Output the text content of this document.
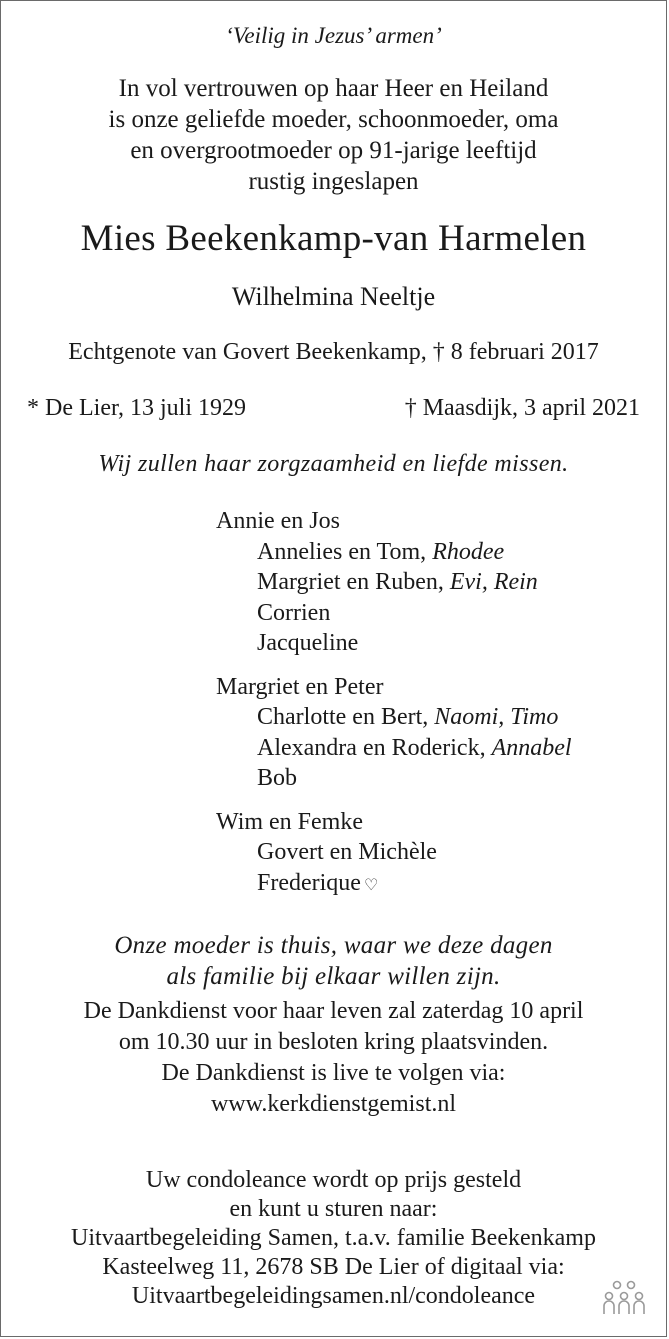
‘Veilig in Jezus’ armen’
In vol vertrouwen op haar Heer en Heiland
is onze geliefde moeder, schoonmoeder, oma
en overgrootmoeder op 91-jarige leeftijd
rustig ingeslapen
Mies Beekenkamp-van Harmelen
Wilhelmina Neeltje
Echtgenote van Govert Beekenkamp, † 8 februari 2017
* De Lier, 13 juli 1929	† Maasdijk, 3 april 2021
Wij zullen haar zorgzaamheid en liefde missen.
Annie en Jos
Annelies en Tom, Rhodee
Margriet en Ruben, Evi, Rein
Corrien
Jacqueline
Margriet en Peter
Charlotte en Bert, Naomi, Timo
Alexandra en Roderick, Annabel
Bob
Wim en Femke
Govert en Michèle
Frederique ♡
Onze moeder is thuis, waar we deze dagen
als familie bij elkaar willen zijn.
De Dankdienst voor haar leven zal zaterdag 10 april
om 10.30 uur in besloten kring plaatsvinden.
De Dankdienst is live te volgen via:
www.kerkdienstgemist.nl
Uw condoleance wordt op prijs gesteld
en kunt u sturen naar:
Uitvaartbegeleiding Samen, t.a.v. familie Beekenkamp
Kasteelweg 11, 2678 SB De Lier of digitaal via:
Uitvaartbegeleidingsamen.nl/condoleance
